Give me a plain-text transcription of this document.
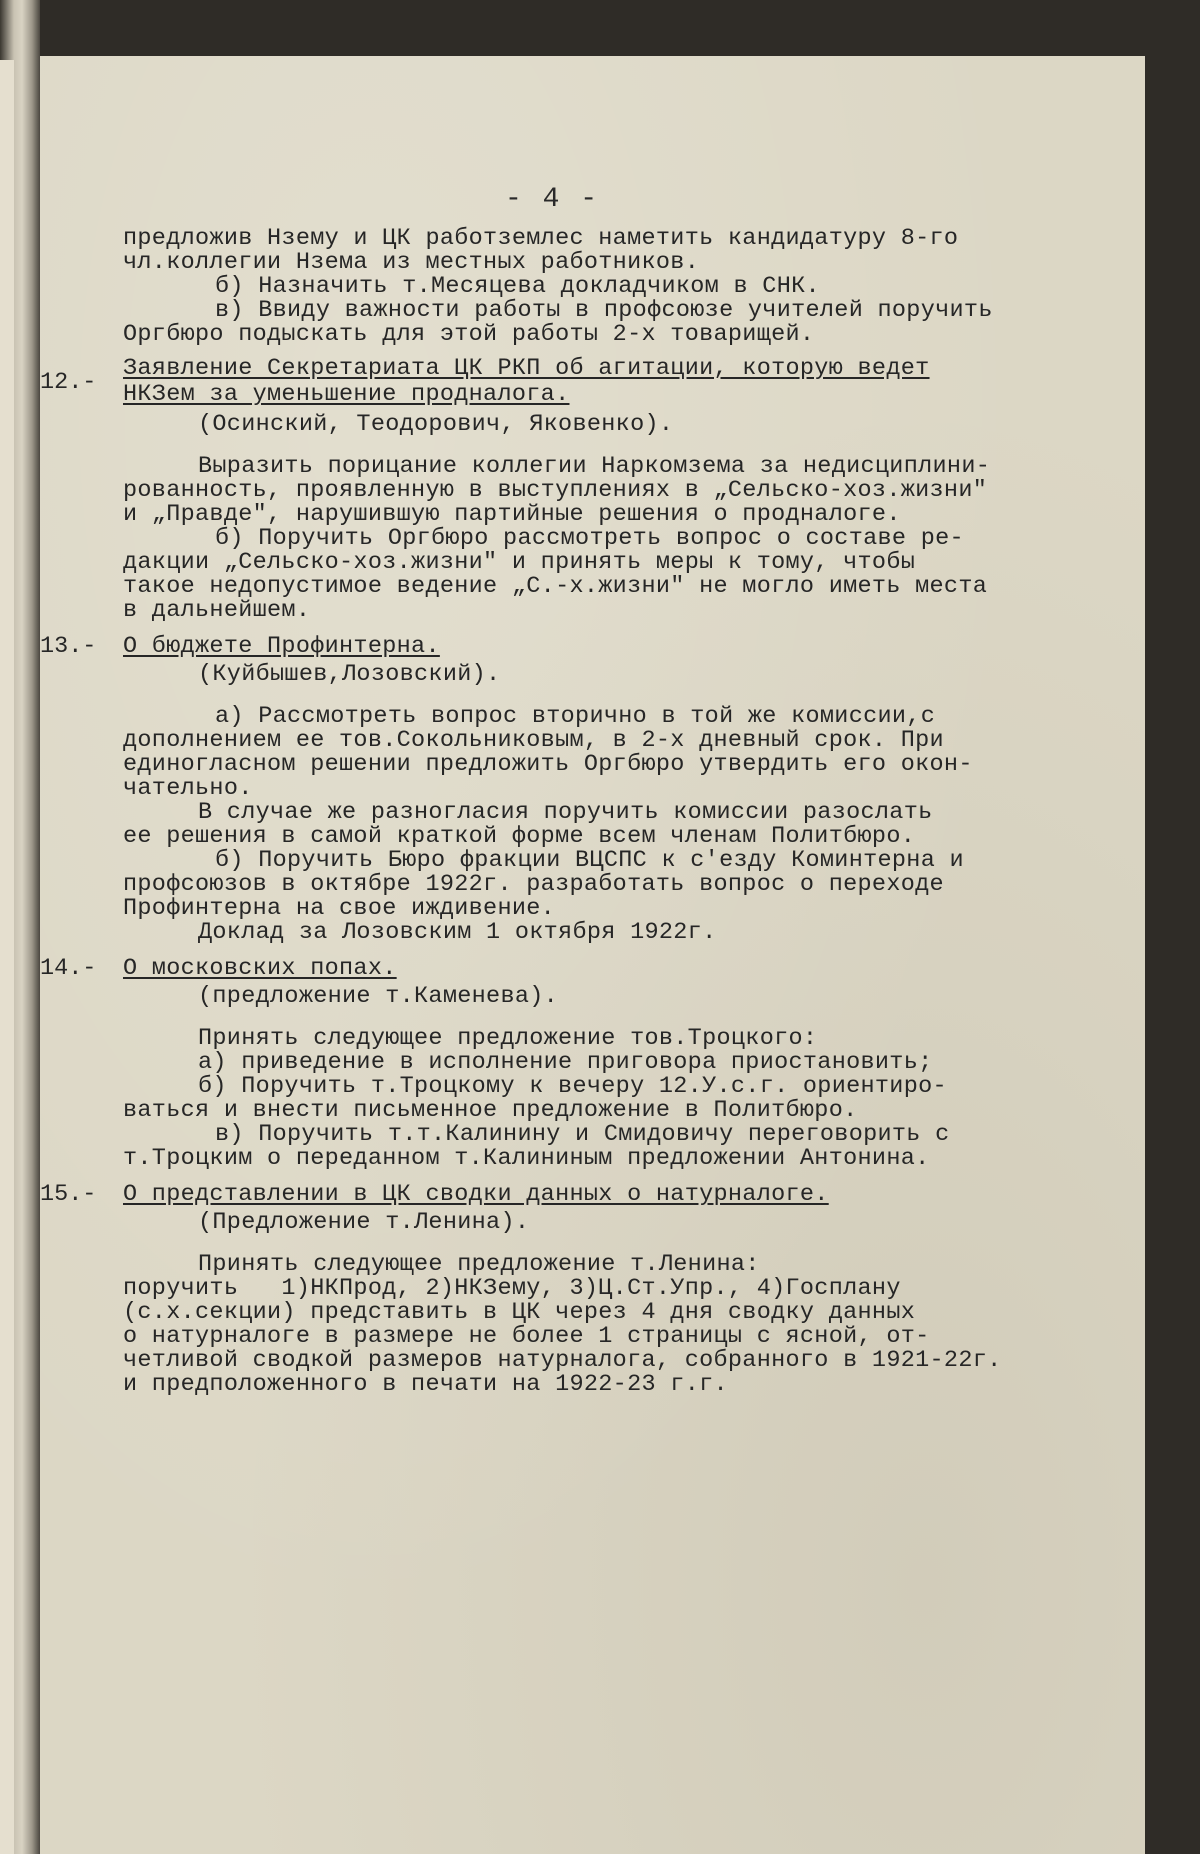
- 4 -
предложив Нзему и ЦК работземлес наметить кандидатуру 8-го
чл.коллегии Нзема из местных работников.
б) Назначить т.Месяцева докладчиком в СНК.
в) Ввиду важности работы в профсоюзе учителей поручить
Оргбюро подыскать для этой работы 2-х товарищей.
12.-
Заявление Секретариата ЦК РКП об агитации, которую ведет
НКЗем за уменьшение продналога.
(Осинский, Теодорович, Яковенко).
Выразить порицание коллегии Наркомзема за недисциплини-
рованность, проявленную в выступлениях в „Сельско-хоз.жизни"
и „Правде", нарушившую партийные решения о продналоге.
б) Поручить Оргбюро рассмотреть вопрос о составе ре-
дакции „Сельско-хоз.жизни" и принять меры к тому, чтобы
такое недопустимое ведение „С.-х.жизни" не могло иметь места
в дальнейшем.
13.- О бюджете Профинтерна.
(Куйбышев,Лозовский).
а) Рассмотреть вопрос вторично в той же комиссии,с
дополнением ее тов.Сокольниковым, в 2-х дневный срок. При
единогласном решении предложить Оргбюро утвердить его окон-
чательно.
В случае же разногласия поручить комиссии разослать
ее решения в самой краткой форме всем членам Политбюро.
б) Поручить Бюро фракции ВЦСПС к с'езду Коминтерна и
профсоюзов в октябре 1922г. разработать вопрос о переходе
Профинтерна на свое иждивение.
Доклад за Лозовским 1 октября 1922г.
14.- О московских попах.
(предложение т.Каменева).
Принять следующее предложение тов.Троцкого:
а) приведение в исполнение приговора приостановить;
б) Поручить т.Троцкому к вечеру 12.У.с.г. ориентиро-
ваться и внести письменное предложение в Политбюро.
в) Поручить т.т.Калинину и Смидовичу переговорить с
т.Троцким о переданном т.Калининым предложении Антонина.
15.- О представлении в ЦК сводки данных о натурналоге.
(Предложение т.Ленина).
Принять следующее предложение т.Ленина:
поручить   1)НКПрод, 2)НКЗему, 3)Ц.Ст.Упр., 4)Госплану
(с.х.секции) представить в ЦК через 4 дня сводку данных
о натурналоге в размере не более 1 страницы с ясной, от-
четливой сводкой размеров натурналога, собранного в 1921-22г.
и предположенного в печати на 1922-23 г.г.
